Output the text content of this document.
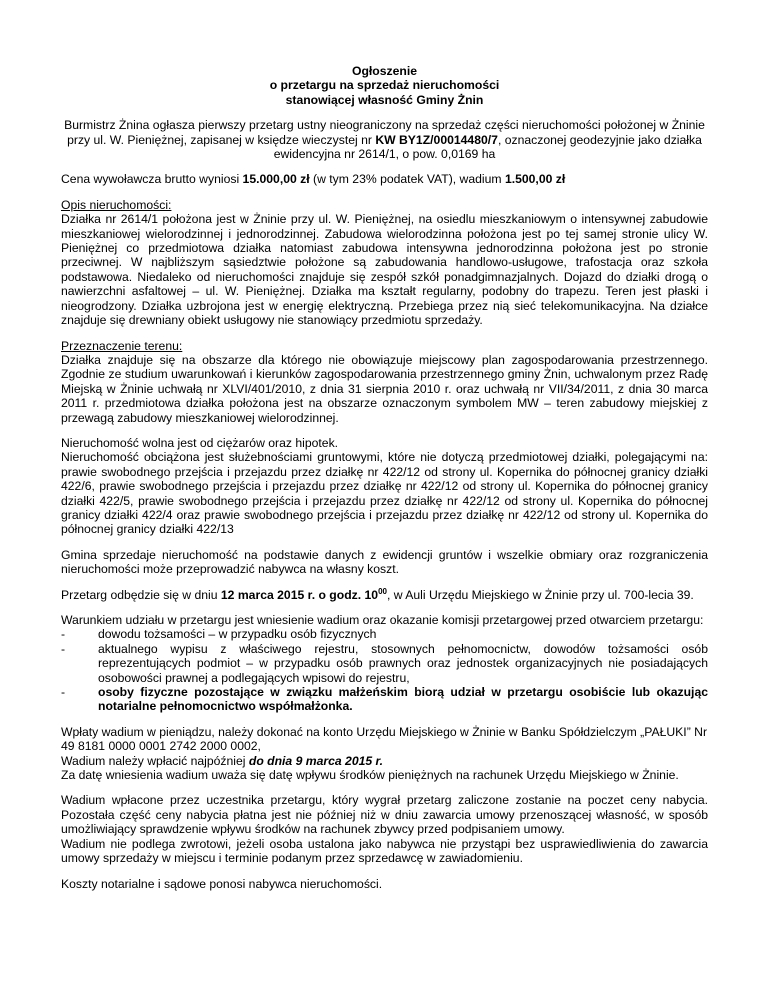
Ogłoszenie
o przetargu na sprzedaż nieruchomości
stanowiącej własność Gminy Żnin

Burmistrz Żnina ogłasza pierwszy przetarg ustny nieograniczony na sprzedaż części nieruchomości położonej w Żninie przy ul. W. Pieniężnej, zapisanej w księdze wieczystej nr KW BY1Z/00014480/7, oznaczonej geodezyjnie jako działka ewidencyjna nr 2614/1, o pow. 0,0169 ha

Cena wywoławcza brutto wyniosi 15.000,00 zł (w tym 23% podatek VAT), wadium 1.500,00 zł

Opis nieruchomości:
Działka nr 2614/1 położona jest w Żninie przy ul. W. Pieniężnej, na osiedlu mieszkaniowym o intensywnej zabudowie mieszkaniowej wielorodzinnej i jednorodzinnej. Zabudowa wielorodzinna położona jest po tej samej stronie ulicy W. Pieniężnej co przedmiotowa działka natomiast zabudowa intensywna jednorodzinna położona jest po stronie przeciwnej. W najbliższym sąsiedztwie położone są zabudowania handlowo-usługowe, trafostacja oraz szkoła podstawowa. Niedaleko od nieruchomości znajduje się zespół szkół ponadgimnazjalnych. Dojazd do działki drogą o nawierzchni asfaltowej – ul. W. Pieniężnej. Działka ma kształt regularny, podobny do trapezu. Teren jest płaski i nieogrodzony. Działka uzbrojona jest w energię elektryczną. Przebiega przez nią sieć telekomunikacyjna. Na działce znajduje się drewniany obiekt usługowy nie stanowiący przedmiotu sprzedaży.
Przeznaczenie terenu:
Działka znajduje się na obszarze dla którego nie obowiązuje miejscowy plan zagospodarowania przestrzennego. Zgodnie ze studium uwarunkowań i kierunków zagospodarowania przestrzennego gminy Żnin, uchwalonym przez Radę Miejską w Żninie uchwałą nr XLVI/401/2010, z dnia 31 sierpnia 2010 r. oraz uchwałą nr VII/34/2011, z dnia 30 marca 2011 r. przedmiotowa działka położona jest na obszarze oznaczonym symbolem MW – teren zabudowy miejskiej z przewagą zabudowy mieszkaniowej wielorodzinnej.
Nieruchomość wolna jest od ciężarów oraz hipotek.
Nieruchomość obciążona jest służebnościami gruntowymi, które nie dotyczą przedmiotowej działki, polegającymi na: prawie swobodnego przejścia i przejazdu przez działkę nr 422/12 od strony ul. Kopernika do północnej granicy działki 422/6, prawie swobodnego przejścia i przejazdu przez działkę nr 422/12 od strony ul. Kopernika do północnej granicy działki 422/5, prawie swobodnego przejścia i przejazdu przez działkę nr 422/12 od strony ul. Kopernika do północnej granicy działki 422/4 oraz prawie swobodnego przejścia i przejazdu przez działkę nr 422/12 od strony ul. Kopernika do północnej granicy działki 422/13

Gmina sprzedaje nieruchomość na podstawie danych z ewidencji gruntów i wszelkie obmiary oraz rozgraniczenia nieruchomości może przeprowadzić nabywca na własny koszt.

Przetarg odbędzie się w dniu 12 marca 2015 r. o godz. $10^{00}$, w Auli Urzędu Miejskiego w Żninie przy ul. 700-lecia 39.

Warunkiem udziału w przetargu jest wniesienie wadium oraz okazanie komisji przetargowej przed otwarciem przetargu:
-	dowodu tożsamości – w przypadku osób fizycznych
-	aktualnego wypisu z właściwego rejestru, stosownych pełnomocnictw, dowodów tożsamości osób reprezentujących podmiot – w przypadku osób prawnych oraz jednostek organizacyjnych nie posiadających osobowości prawnej a podlegających wpisowi do rejestru,
-	osoby fizyczne pozostające w związku małżeńskim biorą udział w przetargu osobiście lub okazując notarialne pełnomocnictwo współmałżonka.
Wpłaty wadium w pieniądzu, należy dokonać na konto Urzędu Miejskiego w Żninie w Banku Spółdzielczym „PAŁUKI” Nr 49 8181 0000 0001 2742 2000 0002,
Wadium należy wpłacić najpóźniej do dnia 9 marca 2015 r.
Za datę wniesienia wadium uważa się datę wpływu środków pieniężnych na rachunek Urzędu Miejskiego w Żninie.
Wadium wpłacone przez uczestnika przetargu, który wygrał przetarg zaliczone zostanie na poczet ceny nabycia. Pozostała część ceny nabycia płatna jest nie później niż w dniu zawarcia umowy przenoszącej własność, w sposób umożliwiający sprawdzenie wpływu środków na rachunek zbywcy przed podpisaniem umowy.
Wadium nie podlega zwrotowi, jeżeli osoba ustalona jako nabywca nie przystąpi bez usprawiedliwienia do zawarcia umowy sprzedaży w miejscu i terminie podanym przez sprzedawcę w zawiadomieniu.

Koszty notarialne i sądowe ponosi nabywca nieruchomości.
